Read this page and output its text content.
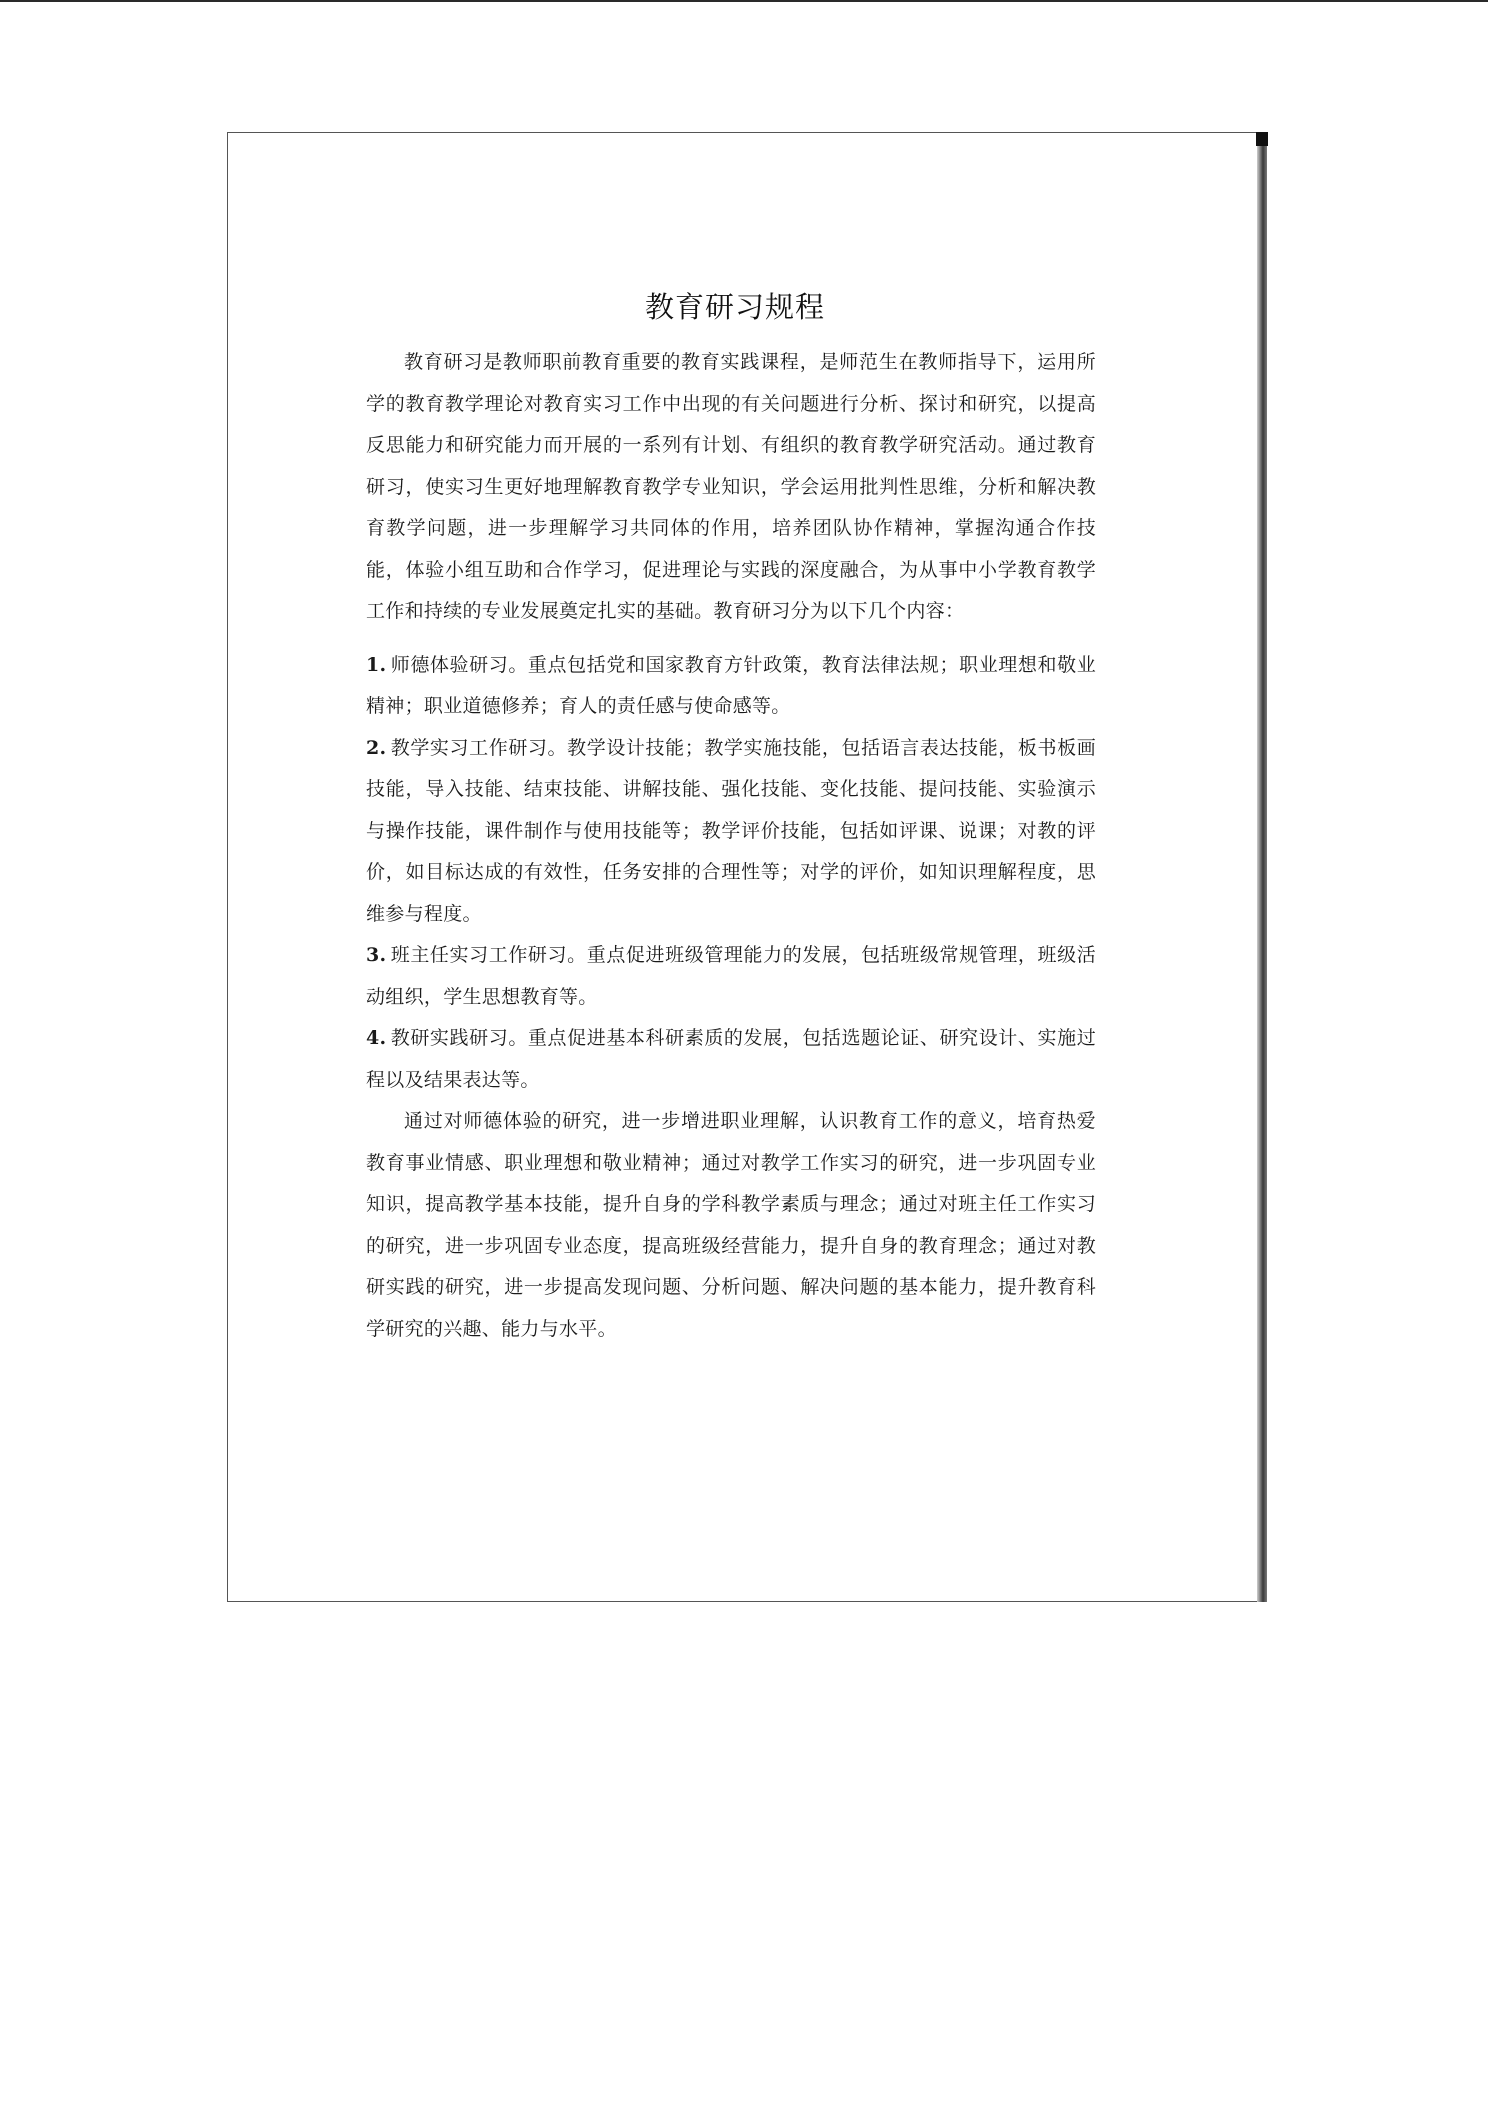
教育研习规程

教育研习是教师职前教育重要的教育实践课程，是师范生在教师指导下，运用所学的教育教学理论对教育实习工作中出现的有关问题进行分析、探讨和研究，以提高反思能力和研究能力而开展的一系列有计划、有组织的教育教学研究活动。通过教育研习，使实习生更好地理解教育教学专业知识，学会运用批判性思维，分析和解决教育教学问题，进一步理解学习共同体的作用，培养团队协作精神，掌握沟通合作技能，体验小组互助和合作学习，促进理论与实践的深度融合，为从事中小学教育教学工作和持续的专业发展奠定扎实的基础。教育研习分为以下几个内容：

1. 师德体验研习。重点包括党和国家教育方针政策，教育法律法规；职业理想和敬业精神；职业道德修养；育人的责任感与使命感等。

2. 教学实习工作研习。教学设计技能；教学实施技能，包括语言表达技能，板书板画技能，导入技能、结束技能、讲解技能、强化技能、变化技能、提问技能、实验演示与操作技能，课件制作与使用技能等；教学评价技能，包括如评课、说课；对教的评价，如目标达成的有效性，任务安排的合理性等；对学的评价，如知识理解程度，思维参与程度。

3. 班主任实习工作研习。重点促进班级管理能力的发展，包括班级常规管理，班级活动组织，学生思想教育等。

4. 教研实践研习。重点促进基本科研素质的发展，包括选题论证、研究设计、实施过程以及结果表达等。

通过对师德体验的研究，进一步增进职业理解，认识教育工作的意义，培育热爱教育事业情感、职业理想和敬业精神；通过对教学工作实习的研究，进一步巩固专业知识，提高教学基本技能，提升自身的学科教学素质与理念；通过对班主任工作实习的研究，进一步巩固专业态度，提高班级经营能力，提升自身的教育理念；通过对教研实践的研究，进一步提高发现问题、分析问题、解决问题的基本能力，提升教育科学研究的兴趣、能力与水平。
